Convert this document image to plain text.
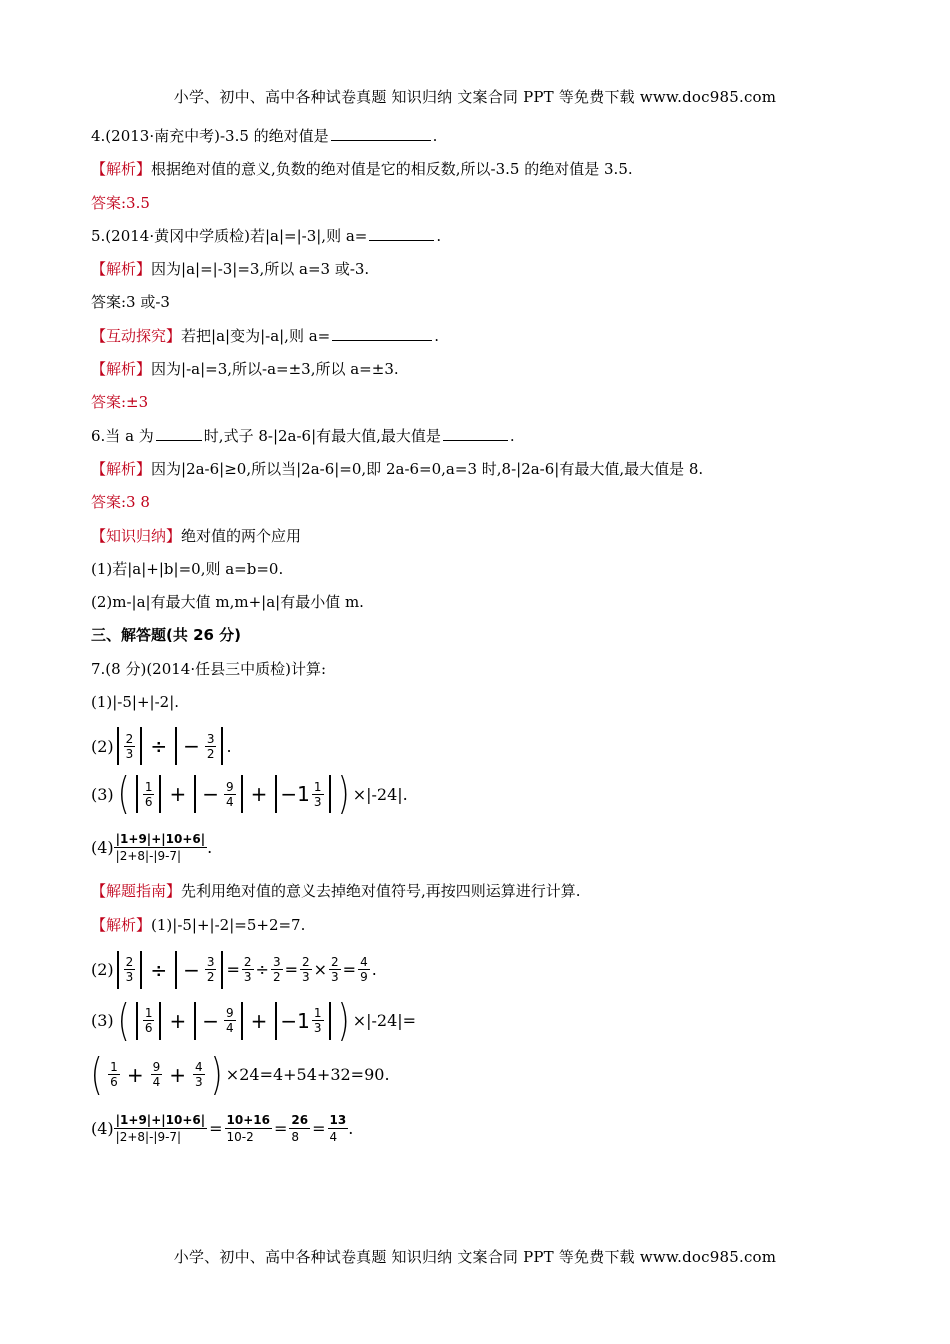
小学、初中、高中各种试卷真题 知识归纳 文案合同 PPT 等免费下载 www.doc985.com
4.(2013·南充中考)-3.5 的绝对值是	.
【解析】根据绝对值的意义,负数的绝对值是它的相反数,所以-3.5 的绝对值是 3.5.
答案:3.5
5.(2014·黄冈中学质检)若|a|=|-3|,则 a=	.
【解析】因为|a|=|-3|=3,所以 a=3 或-3.
答案:3 或-3
【互动探究】若把|a|变为|-a|,则 a=	.
【解析】因为|-a|=3,所以-a=±3,所以 a=±3.
答案:±3
6.当 a 为	时,式子 8-|2a-6|有最大值,最大值是	.
【解析】因为|2a-6|≥0,所以当|2a-6|=0,即 2a-6=0,a=3 时,8-|2a-6|有最大值,最大值是 8.
答案:3 8
【知识归纳】绝对值的两个应用
(1)若|a|+|b|=0,则 a=b=0.
(2)m-|a|有最大值 m,m+|a|有最小值 m.
三、解答题(共 26 分)
7.(8 分)(2014·任县三中质检)计算:
(1)|-5|+|-2|.
$(2) \frac{2}{3}$ ÷ − $\frac{3}{2}$ .
(3) ( $\frac{1}{6}$ + − $\frac{9}{4} + -1 \frac{1}{3}$ ) ×|-24|.
$(4) \frac{|1+9|+|10+6|}{|2+8|-|9-7|}$ .
【解题指南】先利用绝对值的意义去掉绝对值符号,再按四则运算进行计算.
【解析】(1)|-5|+|-2|=5+2=7.
$(2) \frac{2}{3}$ ÷ − $\frac{3}{2} = \frac{2}{3} \div \frac{3}{2} = \frac{2}{3} \times \frac{2}{3} = \frac{4}{9}$ .
(3) ( $\frac{1}{6}$ + − $\frac{9}{4} + -1 \frac{1}{3}$ ) ×|-24|=
( $\frac{1}{6} + \frac{9}{4} + \frac{4}{3}$ ) ×24=4+54+32=90.
$(4) \frac{|1+9|+|10+6|}{|2+8|-|9-7|} = \frac{10+16}{10-2} = \frac{26}{8} = \frac{13}{4}$ .
小学、初中、高中各种试卷真题 知识归纳 文案合同 PPT 等免费下载 www.doc985.com
